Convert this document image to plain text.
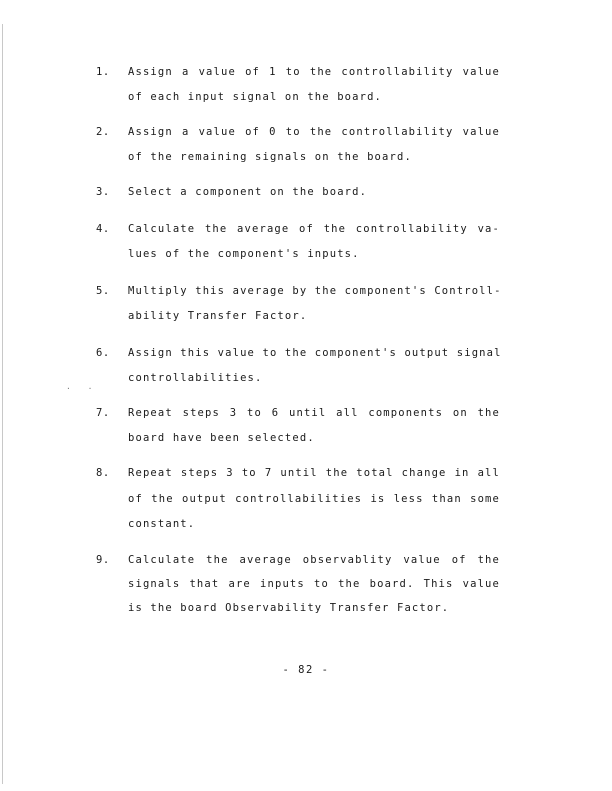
· ·
1.	Assign a value of 1 to the controllability value
of each input signal on the board.
2.	Assign a value of 0 to the controllability value
of the remaining signals on the board.
3.	Select a component on the board.
4.	Calculate the average of the controllability va-
lues of the component's inputs.
5.	Multiply this average by the component's Controll-
ability Transfer Factor.
6.	Assign this value to the component's output signal
controllabilities.
7.	Repeat steps 3 to 6 until all components on the
board have been selected.
8.	Repeat steps 3 to 7 until the total change in all
of the output controllabilities is less than some
constant.
9.	Calculate the average observablity value of the
signals that are inputs to the board. This value
is the board Observability Transfer Factor.
- 82 -
